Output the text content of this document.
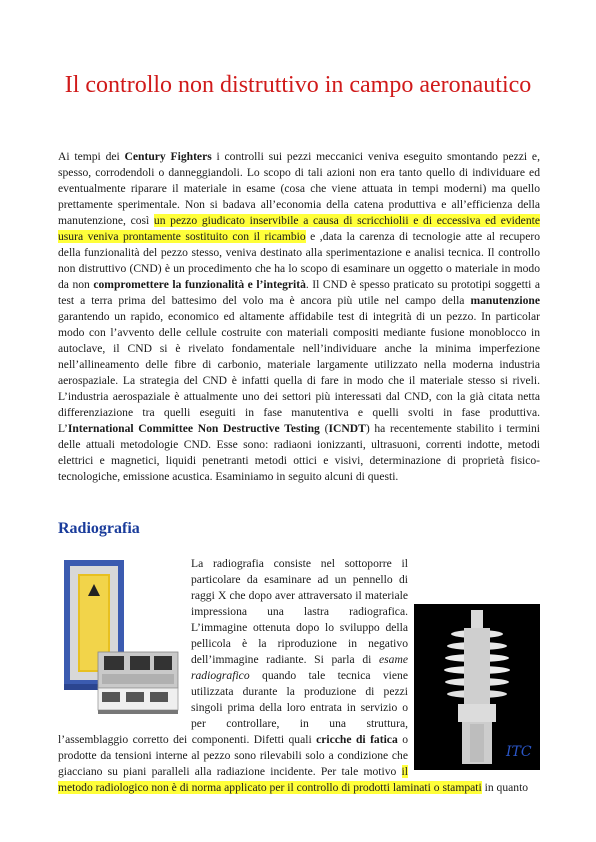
Il controllo non distruttivo in campo aeronautico

Ai tempi dei Century Fighters i controlli sui pezzi meccanici veniva eseguito smontando pezzi e, spesso, corrodendoli o danneggiandoli. Lo scopo di tali azioni non era tanto quello di individuare ed eventualmente riparare il materiale in esame (cosa che viene attuata in tempi moderni) ma quello prettamente sperimentale. Non si badava all’economia della catena produttiva e all’efficienza della manutenzione, così un pezzo giudicato inservibile a causa di scricchiolii e di eccessiva ed evidente usura veniva prontamente sostituito con il ricambio e ,data la carenza di tecnologie atte al recupero della funzionalità del pezzo stesso, veniva destinato alla sperimentazione e analisi tecnica. Il controllo non distruttivo (CND) è un procedimento che ha lo scopo di esaminare un oggetto o materiale in modo da non compromettere la funzionalità e l’integrità. Il CND è spesso praticato su prototipi soggetti a test a terra prima del battesimo del volo ma è ancora più utile nel campo della manutenzione garantendo un rapido, economico ed altamente affidabile test di integrità di un pezzo. In particolar modo con l’avvento delle cellule costruite con materiali compositi mediante fusione monoblocco in autoclave, il CND si è rivelato fondamentale nell’individuare anche la minima imperfezione nell’allineamento delle fibre di carbonio, materiale largamente utilizzato nella moderna industria aerospaziale. La strategia del CND è infatti quella di fare in modo che il materiale stesso si riveli. L’industria aerospaziale è attualmente uno dei settori più interessati dal CND, con la già citata netta differenziazione tra quelli eseguiti in fase manutentiva e quelli svolti in fase produttiva. L’International Committee Non Destructive Testing (ICNDT) ha recentemente stabilito i termini delle attuali metodologie CND. Esse sono: radiaoni ionizzanti, ultrasuoni, correnti indotte, metodi elettrici e magnetici, liquidi penetranti metodi ottici e visivi, determinazione di proprietà fisico-tecnologiche, emissione acustica. Esaminiamo in seguito alcuni di questi.

Radiografia
ITC
La radiografia consiste nel sottoporre il particolare da esaminare ad un pennello di raggi X che dopo aver attraversato il materiale impressiona una lastra radiografica. L’immagine ottenuta dopo lo sviluppo della pellicola è la riproduzione in negativo dell’immagine radiante. Si parla di esame radiografico quando tale tecnica viene utilizzata durante la produzione di pezzi singoli prima della loro entrata in servizio o per controllare, in una struttura, l’assemblaggio corretto dei componenti. Difetti quali cricche di fatica o prodotte da tensioni interne al pezzo sono rilevabili solo a condizione che giacciano su piani paralleli alla radiazione incidente. Per tale motivo il metodo radiologico non è di norma applicato per il controllo di prodotti laminati o stampati in quanto
